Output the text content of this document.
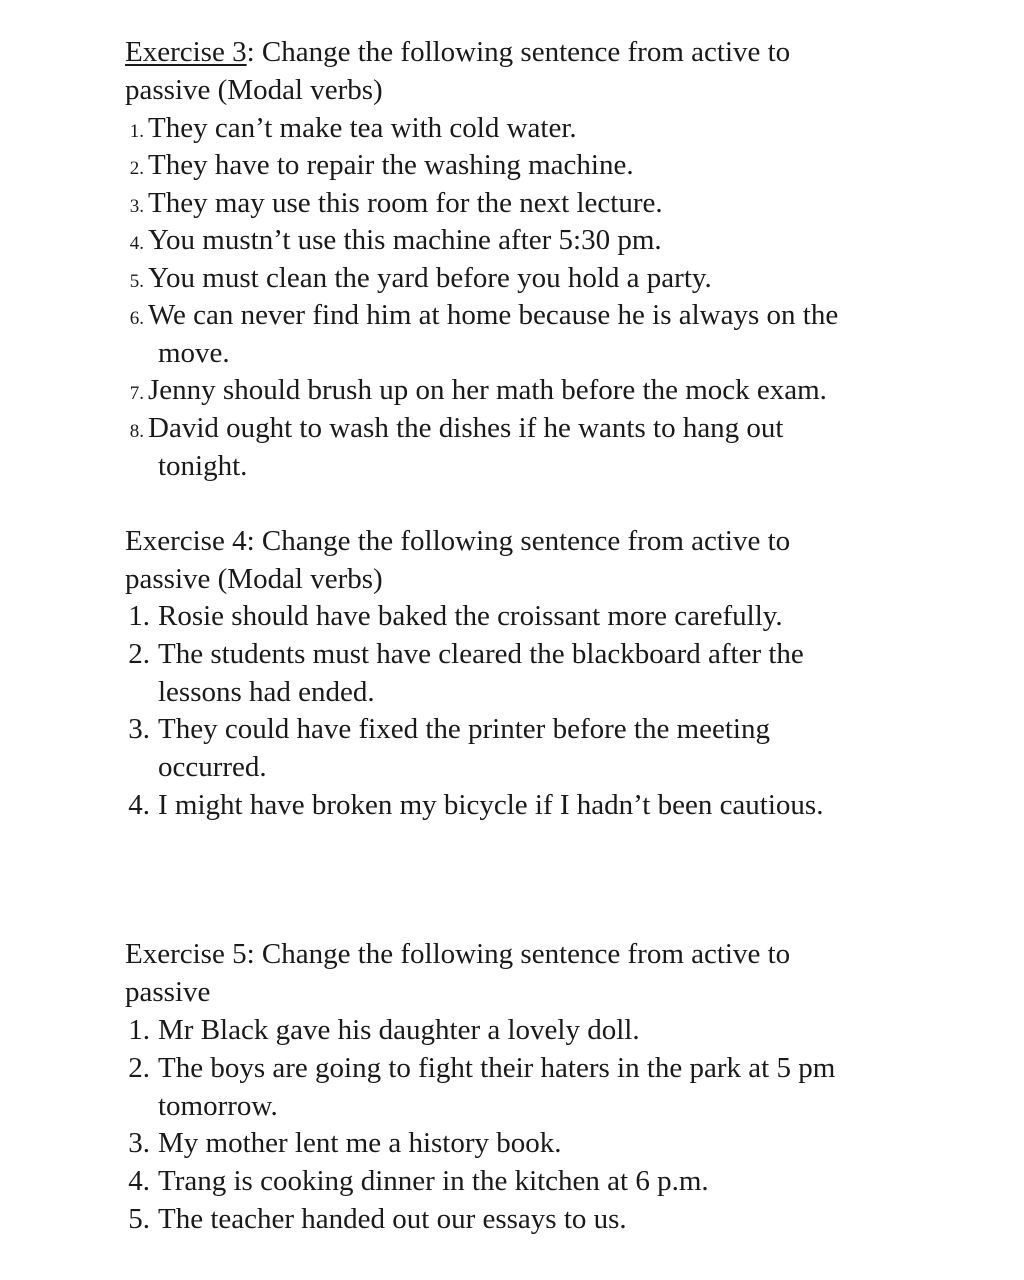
Exercise 3: Change the following sentence from active to
passive (Modal verbs)
1. They can’t make tea with cold water.
2. They have to repair the washing machine.
3. They may use this room for the next lecture.
4. You mustn’t use this machine after 5:30 pm.
5. You must clean the yard before you hold a party.
6. We can never find him at home because he is always on the
move.
7. Jenny should brush up on her math before the mock exam.
8. David ought to wash the dishes if he wants to hang out
tonight.
Exercise 4: Change the following sentence from active to
passive (Modal verbs)
1. Rosie should have baked the croissant more carefully.
2. The students must have cleared the blackboard after the
lessons had ended.
3. They could have fixed the printer before the meeting
occurred.
4. I might have broken my bicycle if I hadn’t been cautious.
Exercise 5: Change the following sentence from active to
passive
1. Mr Black gave his daughter a lovely doll.
2. The boys are going to fight their haters in the park at 5 pm
tomorrow.
3. My mother lent me a history book.
4. Trang is cooking dinner in the kitchen at 6 p.m.
5. The teacher handed out our essays to us.
